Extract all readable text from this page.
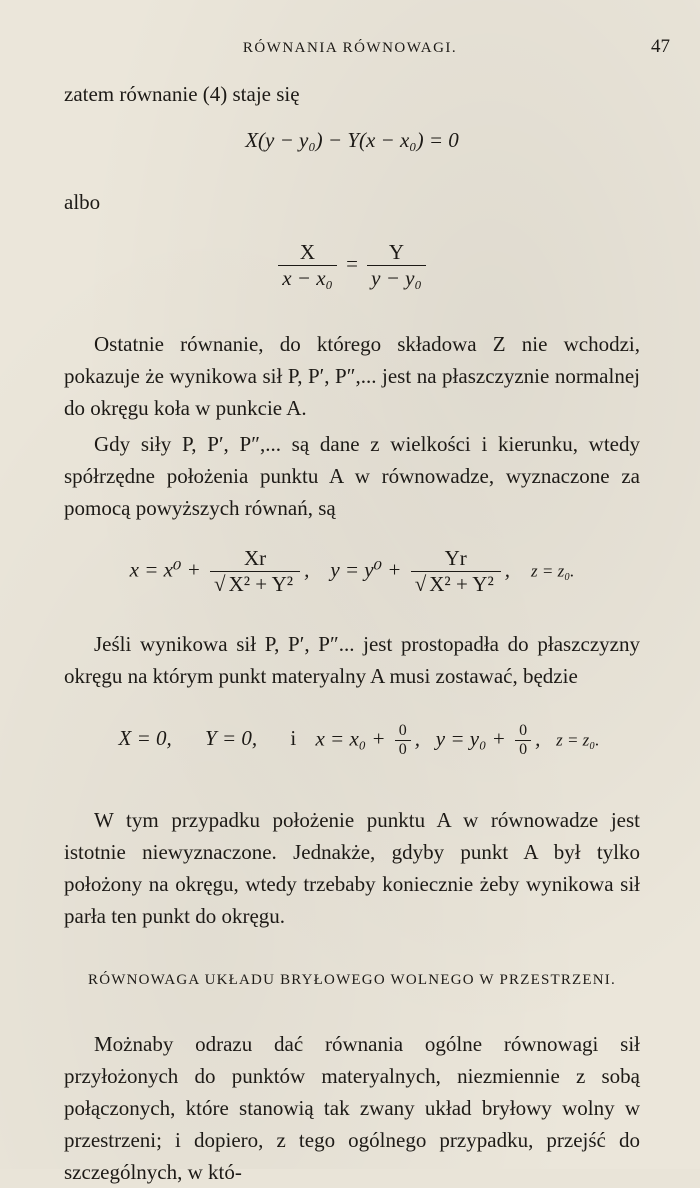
RÓWNANIA RÓWNOWAGI.	47
zatem równanie (4) staje się
X(y − y₀) − Y(x − x₀) = 0
albo
$\frac{X}{\text{x − x₀}} = \frac{Y}{\text{y − y₀}}$
Ostatnie równanie, do którego składowa Z nie wchodzi, pokazuje że wynikowa sił P, P′, P″,... jest na płaszczyznie normalnej do okręgu koła w punkcie A.
Gdy siły P, P′, P″,... są dane z wielkości i kierunku, wtedy spółrzędne położenia punktu A w równowadze, wyznaczone za pomocą powyższych równań, są
$x = x^0 + \frac{Xr}{\text{√ X² + Y²}}$ , $y = y^0 + \frac{Yr}{\text{√ X² + Y²}}$ , z = z₀.
Jeśli wynikowa sił P, P′, P″... jest prostopadła do płaszczyzny okręgu na którym punkt materyalny A musi zostawać, będzie
X = 0, Y = 0, i $x = x_0 + \frac{0}{0}$ , $y = y_0 + \frac{0}{0}$ , z = z₀.
W tym przypadku położenie punktu A w równowadze jest istotnie niewyznaczone. Jednakże, gdyby punkt A był tylko położony na okręgu, wtedy trzebaby koniecznie żeby wynikowa sił parła ten punkt do okręgu.
RÓWNOWAGA UKŁADU BRYŁOWEGO WOLNEGO W PRZESTRZENI.
Możnaby odrazu dać równania ogólne równowagi sił przyłożonych do punktów materyalnych, niezmiennie z sobą połączonych, które stanowią tak zwany układ bryłowy wolny w przestrzeni; i dopiero, z tego ogólnego przypadku, przejść do szczególnych, w któ-
